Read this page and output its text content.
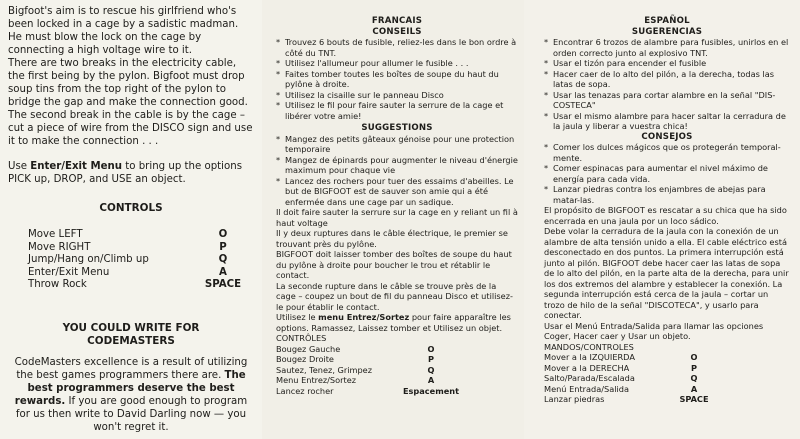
Bigfoot's aim is to rescue his girlfriend who's been locked in a cage by a sadistic madman.

He must blow the lock on the cage by connecting a high voltage wire to it.

There are two breaks in the electricity cable, the first being by the pylon. Bigfoot must drop soup tins from the top right of the pylon to bridge the gap and make the connection good.

The second break in the cable is by the cage – cut a piece of wire from the DISCO sign and use it to make the connection . . .

Use Enter/Exit Menu to bring up the options PICK up, DROP, and USE an object.

CONTROLS

Move LEFT	O
Move RIGHT	P
Jump/Hang on/Climb up	Q
Enter/Exit Menu	A
Throw Rock	SPACE

YOU COULD WRITE FOR

CODEMASTERS

CodeMasters excellence is a result of utilizing the best games programmers there are. The best programmers deserve the best rewards. If you are good enough to program for us then write to David Darling now — you won't regret it.

FRANCAIS

CONSEILS

* Trouvez 6 bouts de fusible, reliez-les dans le bon ordre à côté du TNT.

* Utilisez l'allumeur pour allumer le fusible . . .

* Faites tomber toutes les boîtes de soupe du haut du pylône à droite.

* Utilisez la cisaille sur le panneau Disco

* Utilisez le fil pour faire sauter la serrure de la cage et libérer votre amie!

SUGGESTIONS

* Mangez des petits gâteaux génoise pour une protection temporaire

* Mangez de épinards pour augmenter le niveau d'énergie maximum pour chaque vie

* Lancez des rochers pour tuer des essaims d'abeilles. Le but de BIGFOOT est de sauver son amie qui a été enfermée dans une cage par un sadique.

Il doit faire sauter la serrure sur la cage en y reliant un fil à haut voltage

Il y deux ruptures dans le câble électrique, le premier se trouvant près du pylône.

BIGFOOT doit laisser tomber des boîtes de soupe du haut du pylône à droite pour boucher le trou et rétablir le contact.

La seconde rupture dans le câble se trouve près de la cage – coupez un bout de fil du panneau Disco et utilisez-le pour établir le contact.

Utilisez le menu Entrez/Sortez pour faire apparaître les options. Ramassez, Laissez tomber et Utilisez un objet.

CONTRÔLES

Bougez Gauche	O
Bougez Droite	P
Sautez, Tenez, Grimpez	Q
Menu Entrez/Sortez	A
Lancez rocher	Espacement

ESPAÑOL

SUGERENCIAS

* Encontrar 6 trozos de alambre para fusibles, unirlos en el orden correcto junto al explosivo TNT.

* Usar el tizón para encender el fusible

* Hacer caer de lo alto del pilón, a la derecha, todas las latas de sopa.

* Usar las tenazas para cortar alambre en la señal "DIS-COSTECA"

* Usar el mismo alambre para hacer saltar la cerradura de la jaula y liberar a vuestra chica!

CONSEJOS

* Comer los dulces mágicos que os protegerán temporal-mente.

* Comer espinacas para aumentar el nivel máximo de energía para cada vida.

* Lanzar piedras contra los enjambres de abejas para matar-las.

El propósito de BIGFOOT es rescatar a su chica que ha sido encerrada en una jaula por un loco sádico.

Debe volar la cerradura de la jaula con la conexión de un alambre de alta tensión unido a ella. El cable eléctrico está desconectado en dos puntos. La primera interrupción está junto al pilón. BIGFOOT debe hacer caer las latas de sopa de lo alto del pilón, en la parte alta de la derecha, para unir los dos extremos del alambre y establecer la conexión. La segunda interrupción está cerca de la jaula – cortar un trozo de hilo de la señal "DISCOTECA", y usarlo para conectar.

Usar el Menú Entrada/Salida para llamar las opciones Coger, Hacer caer y Usar un objeto.

MANDOS/CONTROLES

Mover a la IZQUIERDA	O
Mover a la DERECHA	P
Salto/Parada/Escalada	Q
Menú Entrada/Salida	A
Lanzar piedras	SPACE
